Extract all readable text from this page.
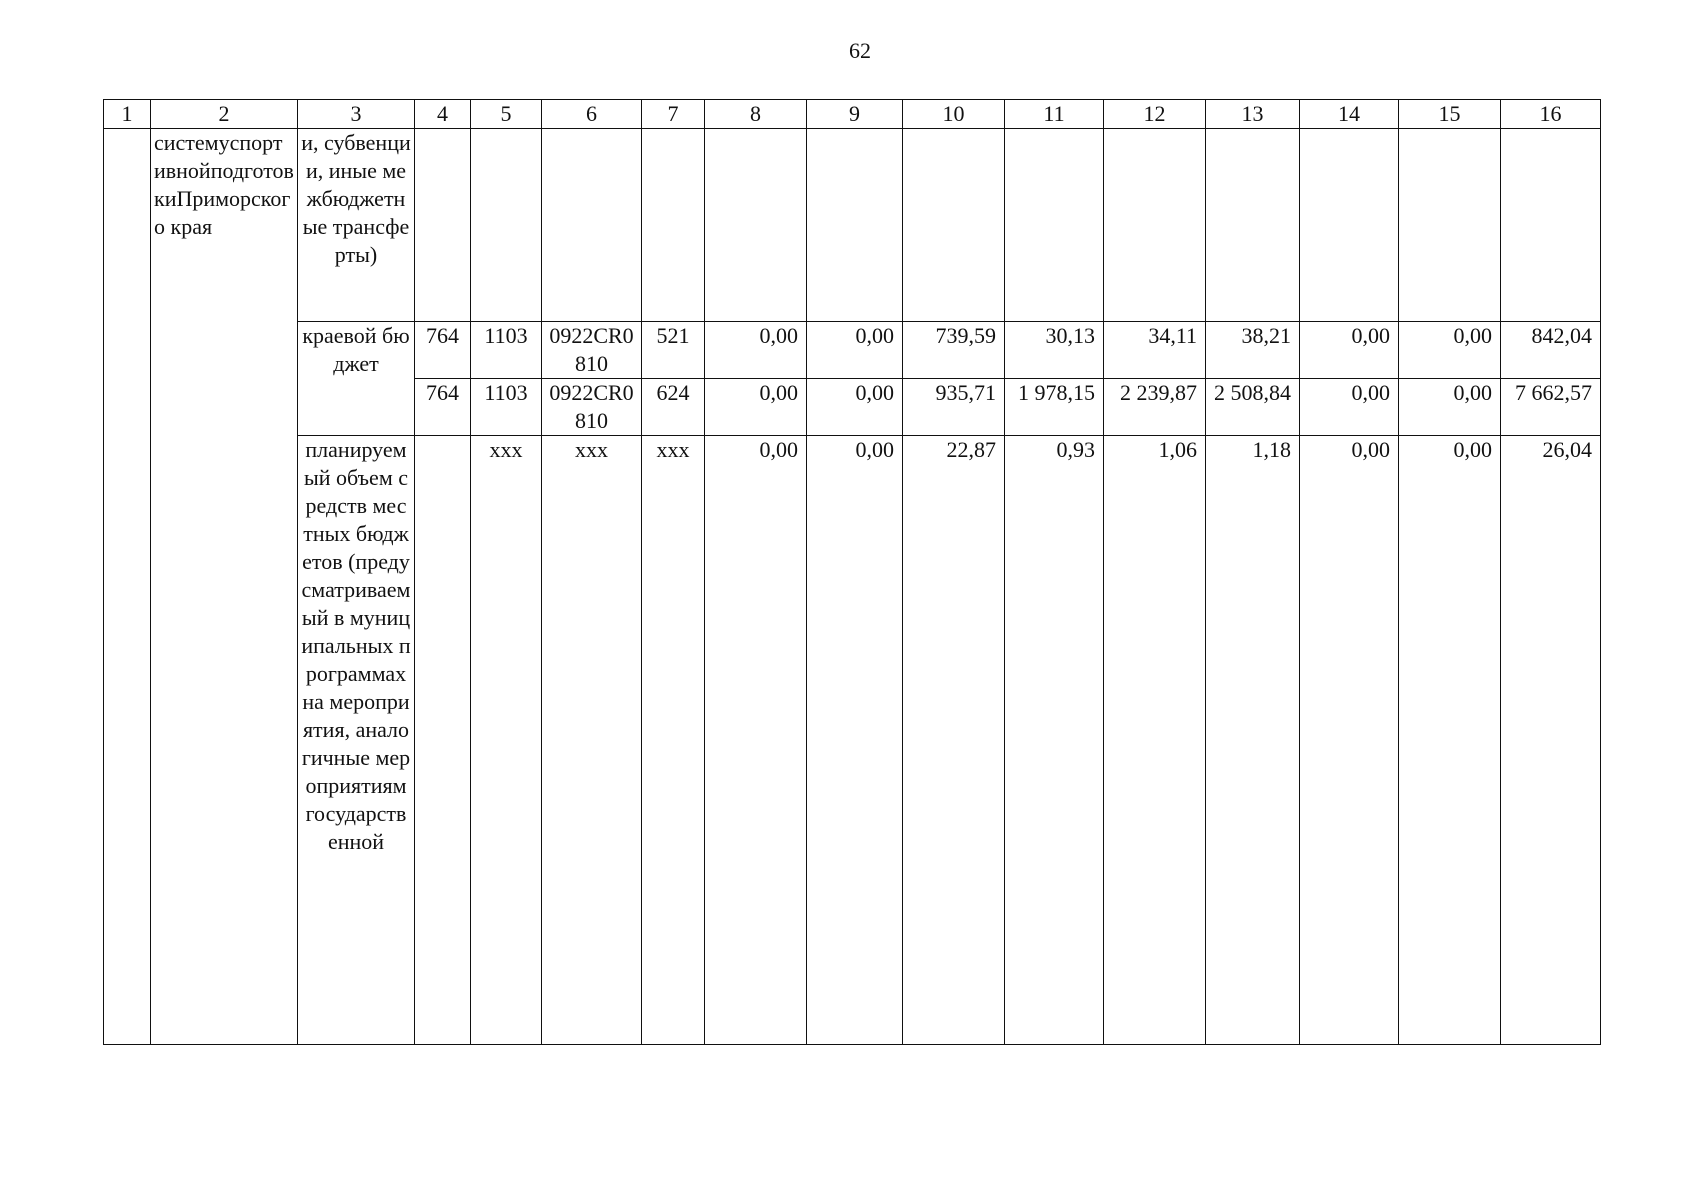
62
1	2	3	4	5	6	7	8	9	10	11	12	13	14	15	16
	системуспортивнойподготовкиПриморского края	и, субвенции, иные межбюджетные трансферты)													
		краевой бюджет	764	1103	0922CR0810	521	0,00	0,00	739,59	30,13	34,11	38,21	0,00	0,00	842,04
			764	1103	0922CR0810	624	0,00	0,00	935,71	1 978,15	2 239,87	2 508,84	0,00	0,00	7 662,57
		планируемый объем средств местных бюджетов (предусматриваемый в муниципальных программах на мероприятия, аналогичные мероприятиям государственной		xxx	xxx	xxx	0,00	0,00	22,87	0,93	1,06	1,18	0,00	0,00	26,04
